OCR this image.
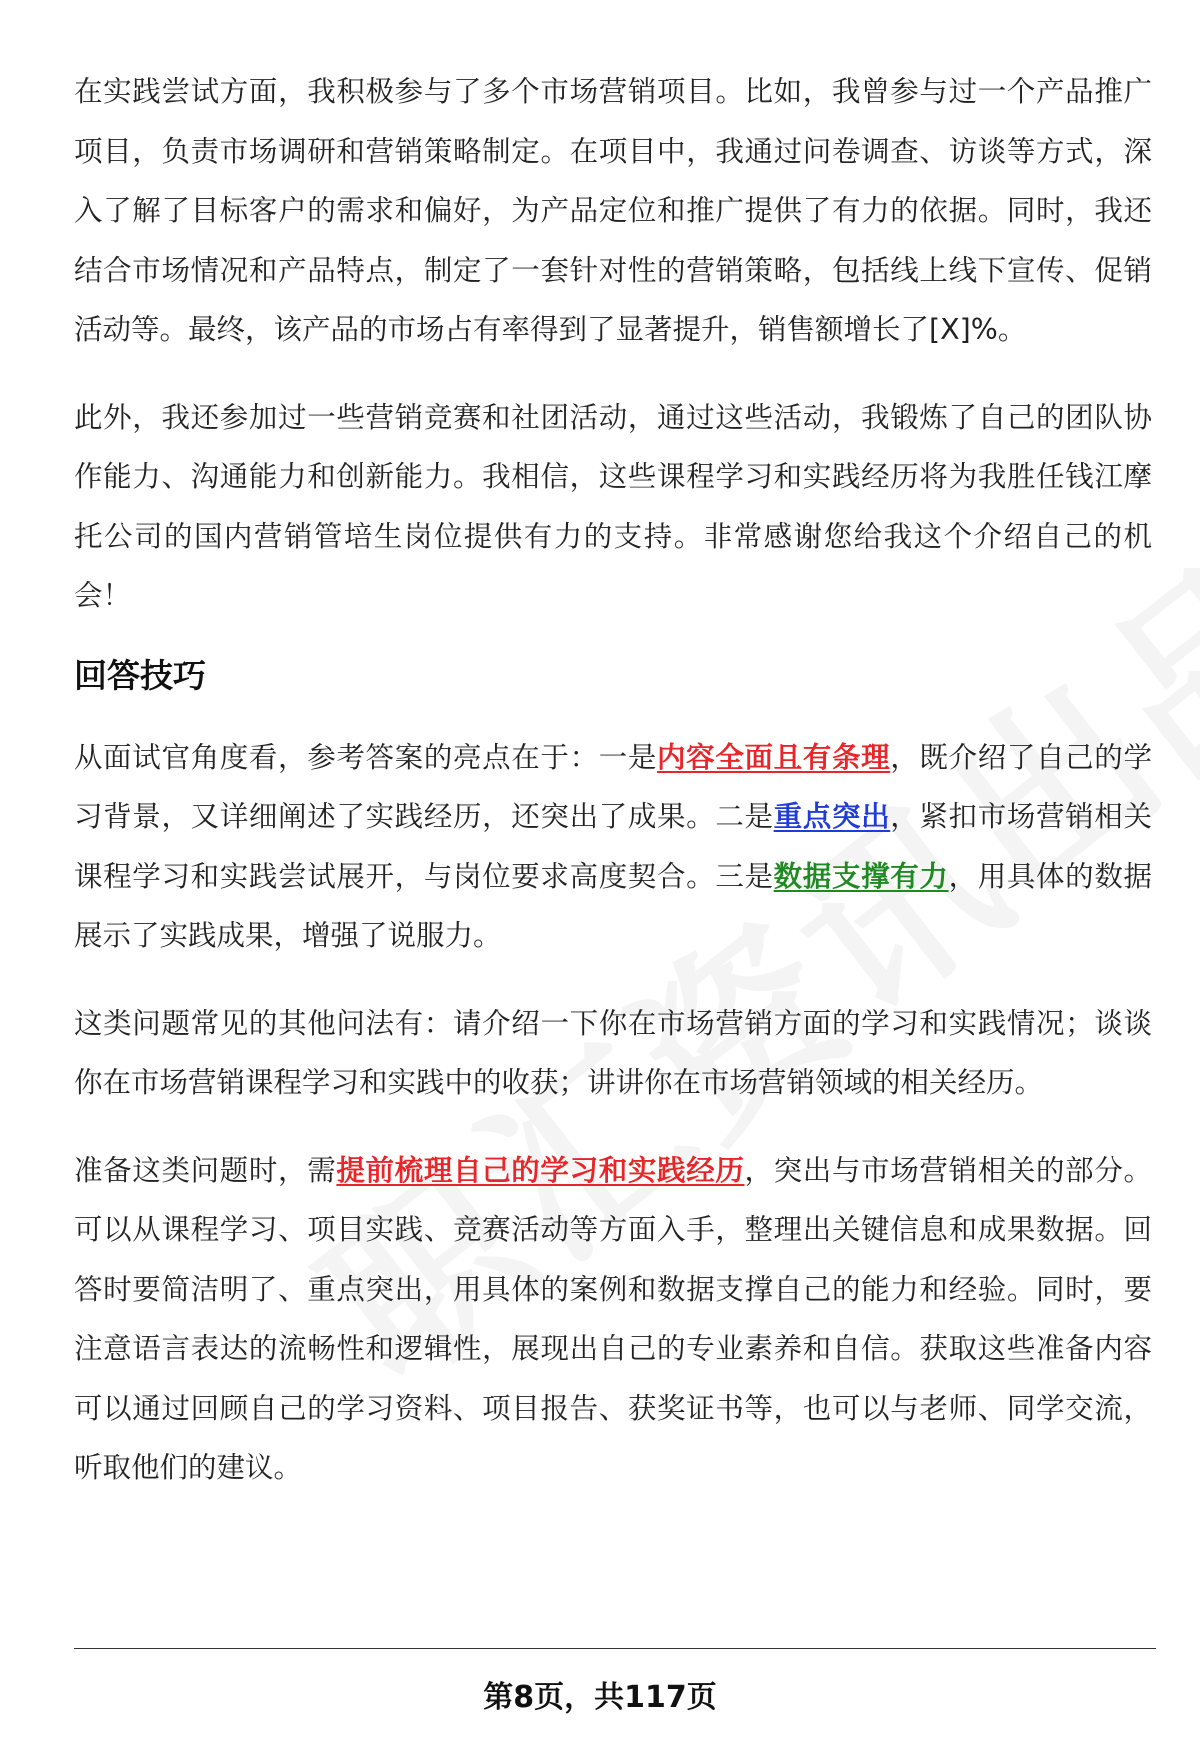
在实践尝试方面，我积极参与了多个市场营销项目。比如，我曾参与过一个产品推广项目，负责市场调研和营销策略制定。在项目中，我通过问卷调查、访谈等方式，深入了解了目标客户的需求和偏好，为产品定位和推广提供了有力的依据。同时，我还结合市场情况和产品特点，制定了一套针对性的营销策略，包括线上线下宣传、促销活动等。最终，该产品的市场占有率得到了显著提升，销售额增长了[X]%。

此外，我还参加过一些营销竞赛和社团活动，通过这些活动，我锻炼了自己的团队协作能力、沟通能力和创新能力。我相信，这些课程学习和实践经历将为我胜任钱江摩托公司的国内营销管培生岗位提供有力的支持。非常感谢您给我这个介绍自己的机会！

回答技巧

从面试官角度看，参考答案的亮点在于：一是内容全面且有条理，既介绍了自己的学习背景，又详细阐述了实践经历，还突出了成果。二是重点突出，紧扣市场营销相关课程学习和实践尝试展开，与岗位要求高度契合。三是数据支撑有力，用具体的数据展示了实践成果，增强了说服力。

这类问题常见的其他问法有：请介绍一下你在市场营销方面的学习和实践情况；谈谈你在市场营销课程学习和实践中的收获；讲讲你在市场营销领域的相关经历。

准备这类问题时，需提前梳理自己的学习和实践经历，突出与市场营销相关的部分。可以从课程学习、项目实践、竞赛活动等方面入手，整理出关键信息和成果数据。回答时要简洁明了、重点突出，用具体的案例和数据支撑自己的能力和经验。同时，要注意语言表达的流畅性和逻辑性，展现出自己的专业素养和自信。获取这些准备内容可以通过回顾自己的学习资料、项目报告、获奖证书等，也可以与老师、同学交流，听取他们的建议。

第8页，共117页
